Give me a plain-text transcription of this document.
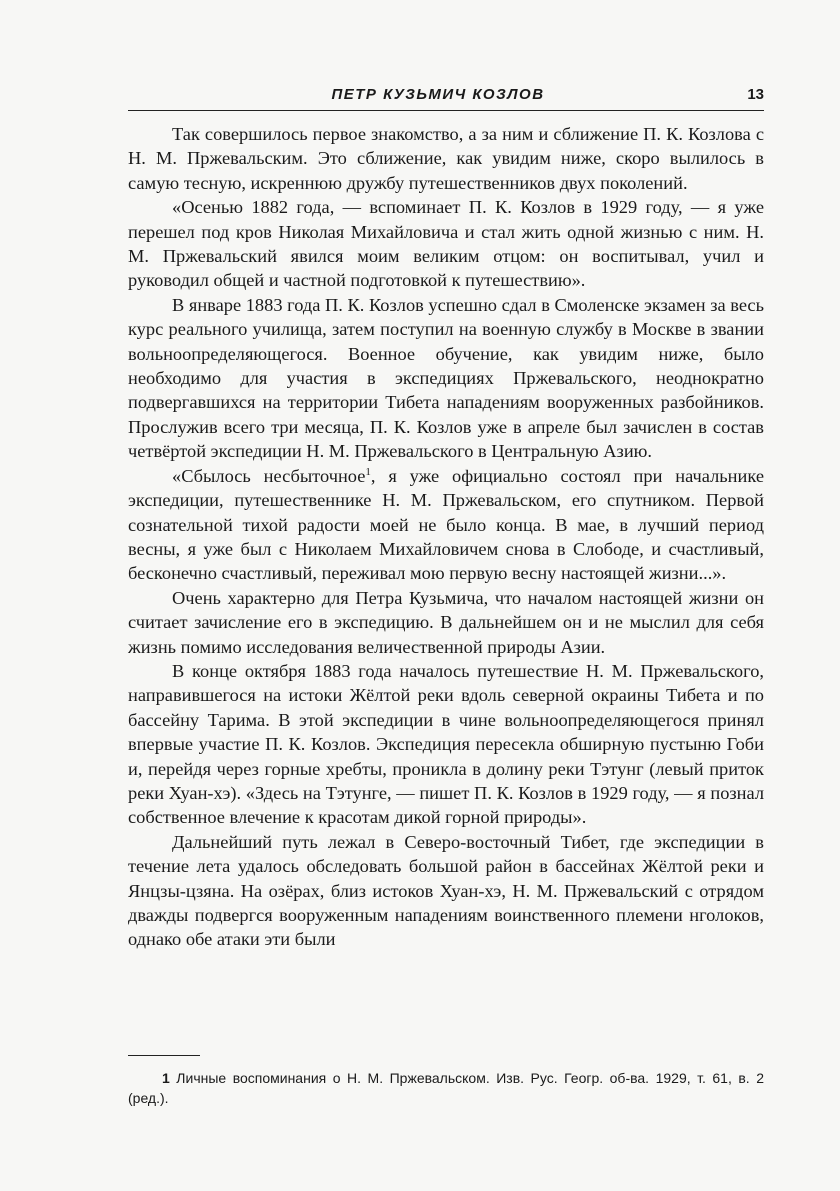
ПЕТР КУЗЬМИЧ КОЗЛОВ	13

Так совершилось первое знакомство, а за ним и сближение П. К. Козлова с Н. М. Пржевальским. Это сближение, как увидим ниже, скоро вылилось в самую тесную, искреннюю дружбу путешественников двух поколений.

«Осенью 1882 года, — вспоминает П. К. Козлов в 1929 году, — я уже перешел под кров Николая Михайловича и стал жить одной жизнью с ним. Н. М. Пржевальский явился моим великим отцом: он воспитывал, учил и руководил общей и частной подготовкой к путешествию».

В январе 1883 года П. К. Козлов успешно сдал в Смоленске экзамен за весь курс реального училища, затем поступил на военную службу в Москве в звании вольноопределяющегося. Военное обучение, как увидим ниже, было необходимо для участия в экспедициях Пржевальского, неоднократно подвергавшихся на территории Тибета нападениям вооруженных разбойников. Прослужив всего три месяца, П. К. Козлов уже в апреле был зачислен в состав четвёртой экспедиции Н. М. Пржевальского в Центральную Азию.

«Сбылось несбыточное$^1$, я уже официально состоял при начальнике экспедиции, путешественнике Н. М. Пржевальском, его спутником. Первой сознательной тихой радости моей не было конца. В мае, в лучший период весны, я уже был с Николаем Михайловичем снова в Слободе, и счастливый, бесконечно счастливый, переживал мою первую весну настоящей жизни...».

Очень характерно для Петра Кузьмича, что началом настоящей жизни он считает зачисление его в экспедицию. В дальнейшем он и не мыслил для себя жизнь помимо исследования величественной природы Азии.

В конце октября 1883 года началось путешествие Н. М. Пржевальского, направившегося на истоки Жёлтой реки вдоль северной окраины Тибета и по бассейну Тарима. В этой экспедиции в чине вольноопределяющегося принял впервые участие П. К. Козлов. Экспедиция пересекла обширную пустыню Гоби и, перейдя через горные хребты, проникла в долину реки Тэтунг (левый приток реки Хуан-хэ). «Здесь на Тэтунге, — пишет П. К. Козлов в 1929 году, — я познал собственное влечение к красотам дикой горной природы».

Дальнейший путь лежал в Северо-восточный Тибет, где экспедиции в течение лета удалось обследовать большой район в бассейнах Жёлтой реки и Янцзы-цзяна. На озёрах, близ истоков Хуан-хэ, Н. М. Пржевальский с отрядом дважды подвергся вооруженным нападениям воинственного племени нголоков, однако обе атаки эти были

1 Личные воспоминания о Н. М. Пржевальском. Изв. Рус. Геогр. об-ва. 1929, т. 61, в. 2 (ред.).
